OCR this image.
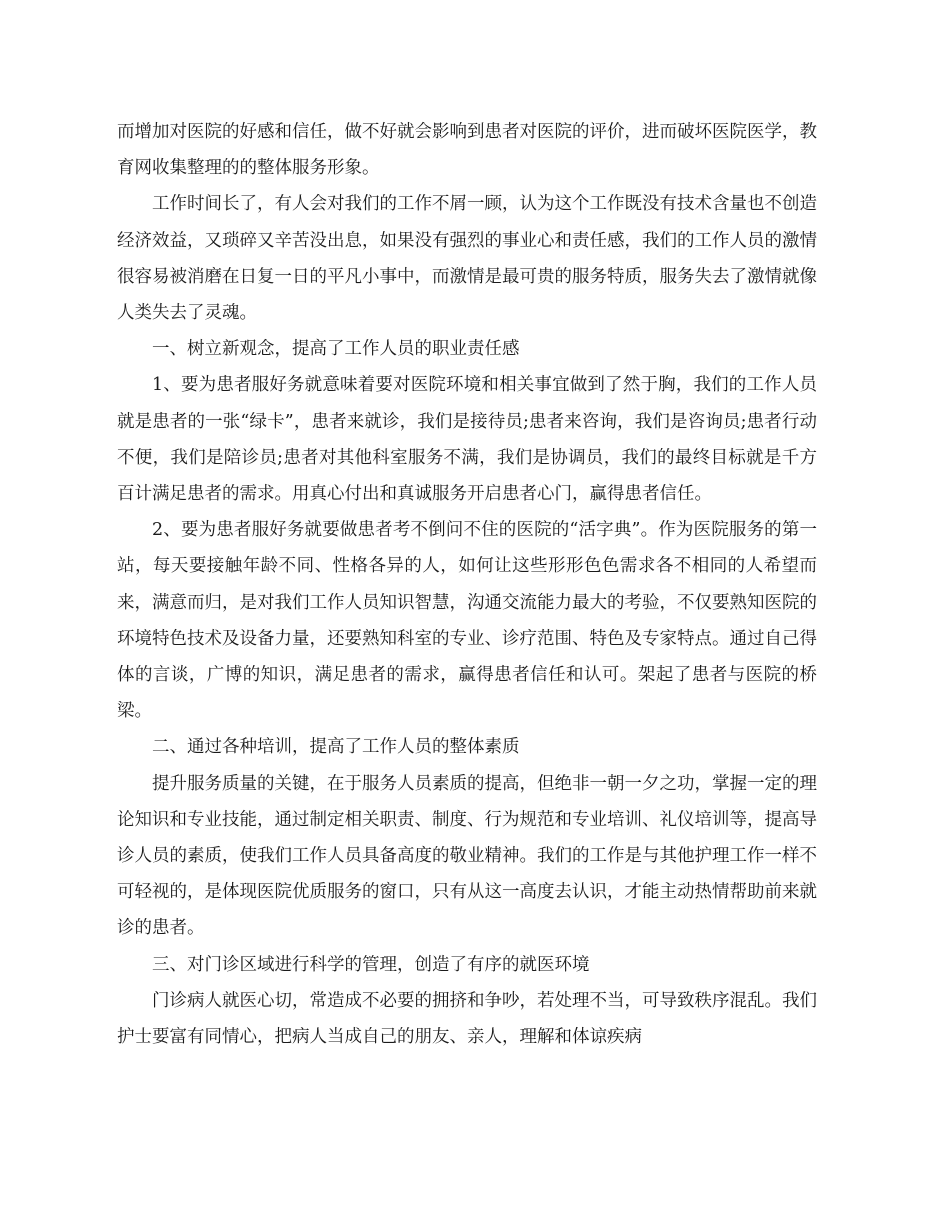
而增加对医院的好感和信任，做不好就会影响到患者对医院的评价，进而破坏医院医学，教育网收集整理的的整体服务形象。

工作时间长了，有人会对我们的工作不屑一顾，认为这个工作既没有技术含量也不创造经济效益，又琐碎又辛苦没出息，如果没有强烈的事业心和责任感，我们的工作人员的激情很容易被消磨在日复一日的平凡小事中，而激情是最可贵的服务特质，服务失去了激情就像人类失去了灵魂。

一、树立新观念，提高了工作人员的职业责任感

1、要为患者服好务就意味着要对医院环境和相关事宜做到了然于胸，我们的工作人员就是患者的一张“绿卡”，患者来就诊，我们是接待员;患者来咨询，我们是咨询员;患者行动不便，我们是陪诊员;患者对其他科室服务不满，我们是协调员，我们的最终目标就是千方百计满足患者的需求。用真心付出和真诚服务开启患者心门，赢得患者信任。

2、要为患者服好务就要做患者考不倒问不住的医院的“活字典”。作为医院服务的第一站，每天要接触年龄不同、性格各异的人，如何让这些形形色色需求各不相同的人希望而来，满意而归，是对我们工作人员知识智慧，沟通交流能力最大的考验，不仅要熟知医院的环境特色技术及设备力量，还要熟知科室的专业、诊疗范围、特色及专家特点。通过自己得体的言谈，广博的知识，满足患者的需求，赢得患者信任和认可。架起了患者与医院的桥梁。

二、通过各种培训，提高了工作人员的整体素质

提升服务质量的关键，在于服务人员素质的提高，但绝非一朝一夕之功，掌握一定的理论知识和专业技能，通过制定相关职责、制度、行为规范和专业培训、礼仪培训等，提高导诊人员的素质，使我们工作人员具备高度的敬业精神。我们的工作是与其他护理工作一样不可轻视的，是体现医院优质服务的窗口，只有从这一高度去认识，才能主动热情帮助前来就诊的患者。

三、对门诊区域进行科学的管理，创造了有序的就医环境

门诊病人就医心切，常造成不必要的拥挤和争吵，若处理不当，可导致秩序混乱。我们护士要富有同情心，把病人当成自己的朋友、亲人，理解和体谅疾病
